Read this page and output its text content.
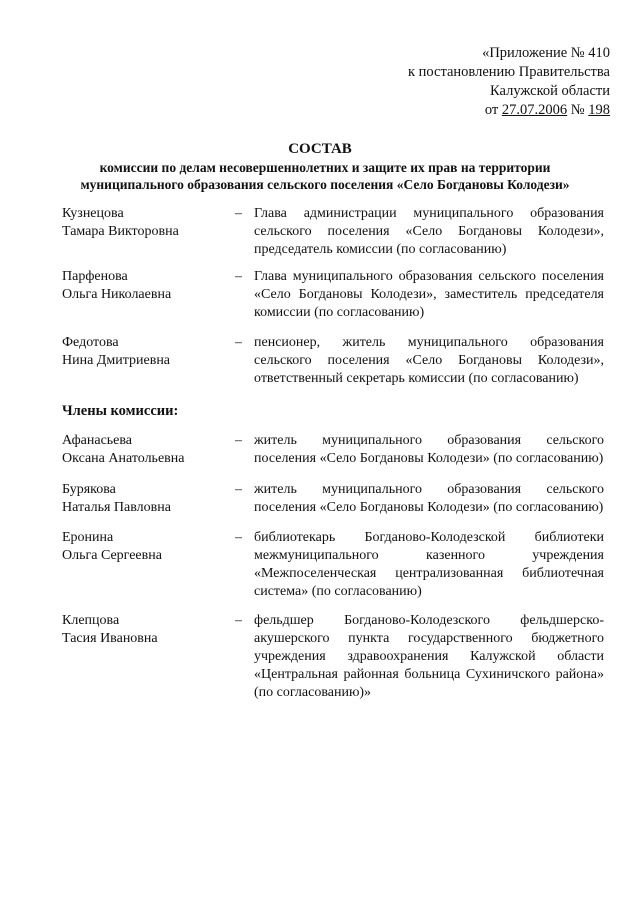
«Приложение № 410
к постановлению Правительства
Калужской области
от 27.07.2006 № 198
СОСТАВ
комиссии по делам несовершеннолетних и защите их прав на территории
муниципального образования сельского поселения «Село Богдановы Колодези»
Кузнецова
Тамара Викторовна
– Глава администрации муниципального образования сельского поселения «Село Богдановы Колодези», председатель комиссии (по согласованию)
Парфенова
Ольга Николаевна
– Глава муниципального образования сельского поселения «Село Богдановы Колодези», заместитель председателя комиссии (по согласованию)
Федотова
Нина Дмитриевна
– пенсионер, житель муниципального образования сельского поселения «Село Богдановы Колодези», ответственный секретарь комиссии (по согласованию)
Члены комиссии:
Афанасьева
Оксана Анатольевна
– житель муниципального образования сельского поселения «Село Богдановы Колодези» (по согласованию)
Бурякова
Наталья Павловна
– житель муниципального образования сельского поселения «Село Богдановы Колодези» (по согласованию)
Еронина
Ольга Сергеевна
– библиотекарь Богданово-Колодезской библиотеки межмуниципального казенного учреждения «Межпоселенческая централизованная библиотечная система» (по согласованию)
Клепцова
Тасия Ивановна
– фельдшер Богданово-Колодезского фельдшерско-акушерского пункта государственного бюджетного учреждения здравоохранения Калужской области «Центральная районная больница Сухиничского района» (по согласованию)»
